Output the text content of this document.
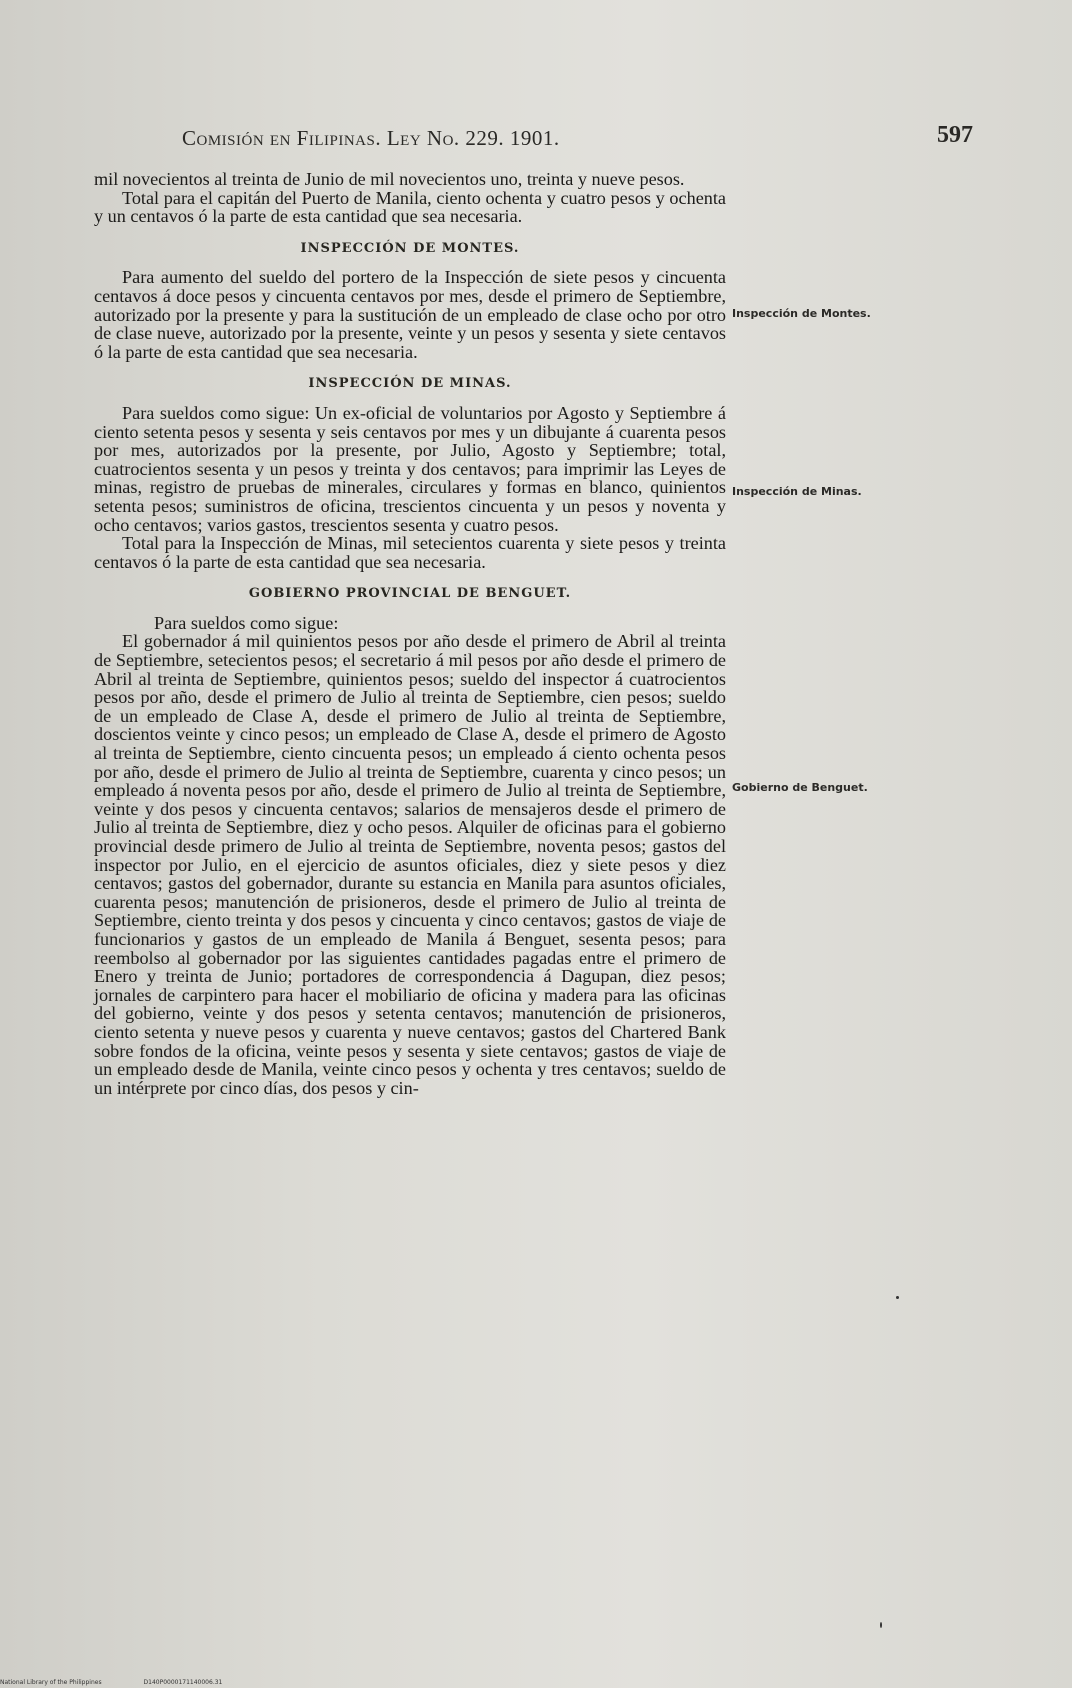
Comisión en Filipinas. Ley No. 229. 1901.	597

mil novecientos al treinta de Junio de mil novecientos uno, treinta y nueve pesos.

Total para el capitán del Puerto de Manila, ciento ochenta y cuatro pesos y ochenta y un centavos ó la parte de esta cantidad que sea necesaria.

INSPECCIÓN DE MONTES.

Para aumento del sueldo del portero de la Inspección de siete pesos y cincuenta centavos á doce pesos y cincuenta centavos por mes, desde el primero de Septiembre, autorizado por la presente y para la sustitución de un empleado de clase ocho por otro de clase nueve, autorizado por la presente, veinte y un pesos y sesenta y siete centavos ó la parte de esta cantidad que sea necesaria.

INSPECCIÓN DE MINAS.

Para sueldos como sigue: Un ex-oficial de voluntarios por Agosto y Septiembre á ciento setenta pesos y sesenta y seis centavos por mes y un dibujante á cuarenta pesos por mes, autorizados por la presente, por Julio, Agosto y Septiembre; total, cuatrocientos sesenta y un pesos y treinta y dos centavos; para imprimir las Leyes de minas, registro de pruebas de minerales, circulares y formas en blanco, quinientos setenta pesos; suministros de oficina, trescientos cincuenta y un pesos y noventa y ocho centavos; varios gastos, trescientos sesenta y cuatro pesos.

Total para la Inspección de Minas, mil setecientos cuarenta y siete pesos y treinta centavos ó la parte de esta cantidad que sea necesaria.

GOBIERNO PROVINCIAL DE BENGUET.

Para sueldos como sigue:

El gobernador á mil quinientos pesos por año desde el primero de Abril al treinta de Septiembre, setecientos pesos; el secretario á mil pesos por año desde el primero de Abril al treinta de Septiembre, quinientos pesos; sueldo del inspector á cuatrocientos pesos por año, desde el primero de Julio al treinta de Septiembre, cien pesos; sueldo de un empleado de Clase A, desde el primero de Julio al treinta de Septiembre, doscientos veinte y cinco pesos; un empleado de Clase A, desde el primero de Agosto al treinta de Septiembre, ciento cincuenta pesos; un empleado á ciento ochenta pesos por año, desde el primero de Julio al treinta de Septiembre, cuarenta y cinco pesos; un empleado á noventa pesos por año, desde el primero de Julio al treinta de Septiembre, veinte y dos pesos y cincuenta centavos; salarios de mensajeros desde el primero de Julio al treinta de Septiembre, diez y ocho pesos. Alquiler de oficinas para el gobierno provincial desde primero de Julio al treinta de Septiembre, noventa pesos; gastos del inspector por Julio, en el ejercicio de asuntos oficiales, diez y siete pesos y diez centavos; gastos del gobernador, durante su estancia en Manila para asuntos oficiales, cuarenta pesos; manutención de prisioneros, desde el primero de Julio al treinta de Septiembre, ciento treinta y dos pesos y cincuenta y cinco centavos; gastos de viaje de funcionarios y gastos de un empleado de Manila á Benguet, sesenta pesos; para reembolso al gobernador por las siguientes cantidades pagadas entre el primero de Enero y treinta de Junio; portadores de correspondencia á Dagupan, diez pesos; jornales de carpintero para hacer el mobiliario de oficina y madera para las oficinas del gobierno, veinte y dos pesos y setenta centavos; manutención de prisioneros, ciento setenta y nueve pesos y cuarenta y nueve centavos; gastos del Chartered Bank sobre fondos de la oficina, veinte pesos y sesenta y siete centavos; gastos de viaje de un empleado desde de Manila, veinte cinco pesos y ochenta y tres centavos; sueldo de un intérprete por cinco días, dos pesos y cin-

Inspección de Montes.
Inspección de Minas.
Gobierno de Benguet.
National Library of the Philippines	D140P0000171140006.31
